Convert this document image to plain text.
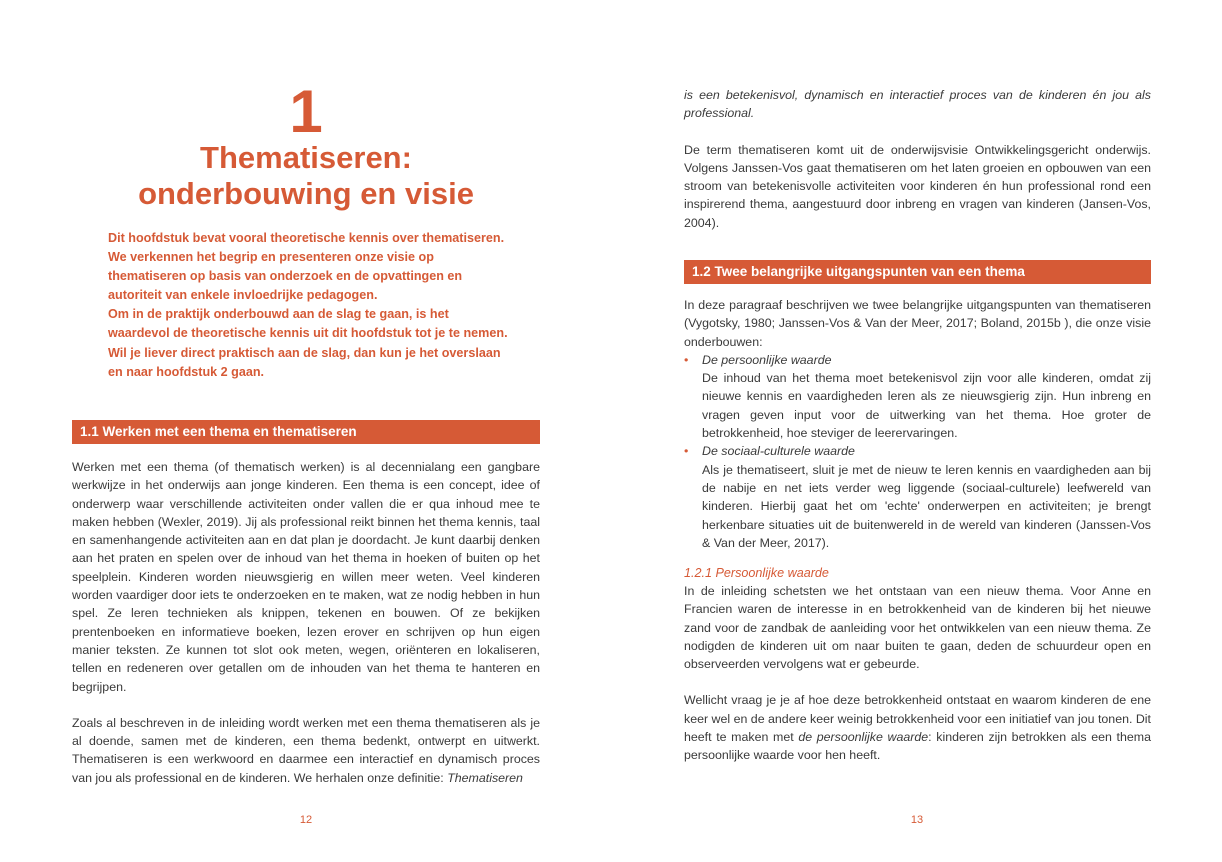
1
Thematiseren:
onderbouwing en visie
Dit hoofdstuk bevat vooral theoretische kennis over thematiseren. We verkennen het begrip en presenteren onze visie op thematiseren op basis van onderzoek en de opvattingen en autoriteit van enkele invloedrijke pedagogen.
Om in de praktijk onderbouwd aan de slag te gaan, is het waardevol de theoretische kennis uit dit hoofdstuk tot je te nemen. Wil je liever direct praktisch aan de slag, dan kun je het overslaan en naar hoofdstuk 2 gaan.
1.1 Werken met een thema en thematiseren

Werken met een thema (of thematisch werken) is al decennialang een gangbare werkwijze in het onderwijs aan jonge kinderen. Een thema is een concept, idee of onderwerp waar verschillende activiteiten onder vallen die er qua inhoud mee te maken hebben (Wexler, 2019). Jij als professional reikt binnen het thema kennis, taal en samenhangende activiteiten aan en dat plan je doordacht. Je kunt daarbij denken aan het praten en spelen over de inhoud van het thema in hoeken of buiten op het speelplein. Kinderen worden nieuwsgierig en willen meer weten. Veel kinderen worden vaardiger door iets te onderzoeken en te maken, wat ze nodig hebben in hun spel. Ze leren technieken als knippen, tekenen en bouwen. Of ze bekijken prentenboeken en informatieve boeken, lezen erover en schrijven op hun eigen manier teksten. Ze kunnen tot slot ook meten, wegen, oriënteren en lokaliseren, tellen en redeneren over getallen om de inhouden van het thema te hanteren en begrijpen.

Zoals al beschreven in de inleiding wordt werken met een thema thematiseren als je al doende, samen met de kinderen, een thema bedenkt, ontwerpt en uitwerkt. Thematiseren is een werkwoord en daarmee een interactief en dynamisch proces van jou als professional en de kinderen. We herhalen onze definitie: Thematiseren

12

is een betekenisvol, dynamisch en interactief proces van de kinderen én jou als professional.

De term thematiseren komt uit de onderwijsvisie Ontwikkelingsgericht onderwijs. Volgens Janssen-Vos gaat thematiseren om het laten groeien en opbouwen van een stroom van betekenisvolle activiteiten voor kinderen én hun professional rond een inspirerend thema, aangestuurd door inbreng en vragen van kinderen (Jansen-Vos, 2004).

1.2 Twee belangrijke uitgangspunten van een thema

In deze paragraaf beschrijven we twee belangrijke uitgangspunten van thematiseren (Vygotsky, 1980; Janssen-Vos & Van der Meer, 2017; Boland, 2015b ), die onze visie onderbouwen:

• De persoonlijke waarde
De inhoud van het thema moet betekenisvol zijn voor alle kinderen, omdat zij nieuwe kennis en vaardigheden leren als ze nieuwsgierig zijn. Hun inbreng en vragen geven input voor de uitwerking van het thema. Hoe groter de betrokkenheid, hoe steviger de leerervaringen.
• De sociaal-culturele waarde
Als je thematiseert, sluit je met de nieuw te leren kennis en vaardigheden aan bij de nabije en net iets verder weg liggende (sociaal-culturele) leefwereld van kinderen. Hierbij gaat het om 'echte' onderwerpen en activiteiten; je brengt herkenbare situaties uit de buitenwereld in de wereld van kinderen (Janssen-Vos & Van der Meer, 2017).
1.2.1 Persoonlijke waarde

In de inleiding schetsten we het ontstaan van een nieuw thema. Voor Anne en Francien waren de interesse in en betrokkenheid van de kinderen bij het nieuwe zand voor de zandbak de aanleiding voor het ontwikkelen van een nieuw thema. Ze nodigden de kinderen uit om naar buiten te gaan, deden de schuurdeur open en observeerden vervolgens wat er gebeurde.

Wellicht vraag je je af hoe deze betrokkenheid ontstaat en waarom kinderen de ene keer wel en de andere keer weinig betrokkenheid voor een initiatief van jou tonen. Dit heeft te maken met de persoonlijke waarde: kinderen zijn betrokken als een thema persoonlijke waarde voor hen heeft.

13
